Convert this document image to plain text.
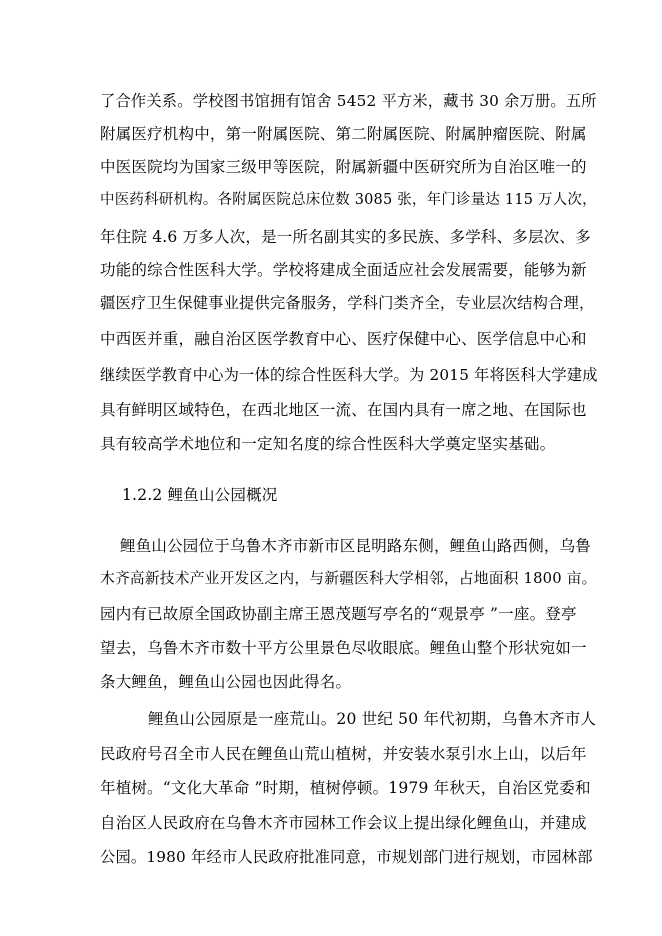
了合作关系。学校图书馆拥有馆舍 5452 平方米，藏书 30 余万册。五所
附属医疗机构中，第一附属医院、第二附属医院、附属肿瘤医院、附属
中医医院均为国家三级甲等医院，附属新疆中医研究所为自治区唯一的
中医药科研机构。各附属医院总床位数 3085 张，年门诊量达 115 万人次，
年住院 4.6 万多人次，是一所名副其实的多民族、多学科、多层次、多
功能的综合性医科大学。学校将建成全面适应社会发展需要，能够为新
疆医疗卫生保健事业提供完备服务，学科门类齐全，专业层次结构合理，
中西医并重，融自治区医学教育中心、医疗保健中心、医学信息中心和
继续医学教育中心为一体的综合性医科大学。为 2015 年将医科大学建成
具有鲜明区域特色，在西北地区一流、在国内具有一席之地、在国际也
具有较高学术地位和一定知名度的综合性医科大学奠定坚实基础。
1.2.2 鲤鱼山公园概况
鲤鱼山公园位于乌鲁木齐市新市区昆明路东侧，鲤鱼山路西侧，乌鲁
木齐高新技术产业开发区之内，与新疆医科大学相邻，占地面积 1800 亩。
园内有已故原全国政协副主席王恩茂题写亭名的“观景亭 ”一座。登亭
望去，乌鲁木齐市数十平方公里景色尽收眼底。鲤鱼山整个形状宛如一
条大鲤鱼，鲤鱼山公园也因此得名。
鲤鱼山公园原是一座荒山。20 世纪 50 年代初期，乌鲁木齐市人
民政府号召全市人民在鲤鱼山荒山植树，并安装水泵引水上山，以后年
年植树。“文化大革命 ”时期，植树停顿。1979 年秋天，自治区党委和
自治区人民政府在乌鲁木齐市园林工作会议上提出绿化鲤鱼山，并建成
公园。1980 年经市人民政府批准同意，市规划部门进行规划，市园林部
